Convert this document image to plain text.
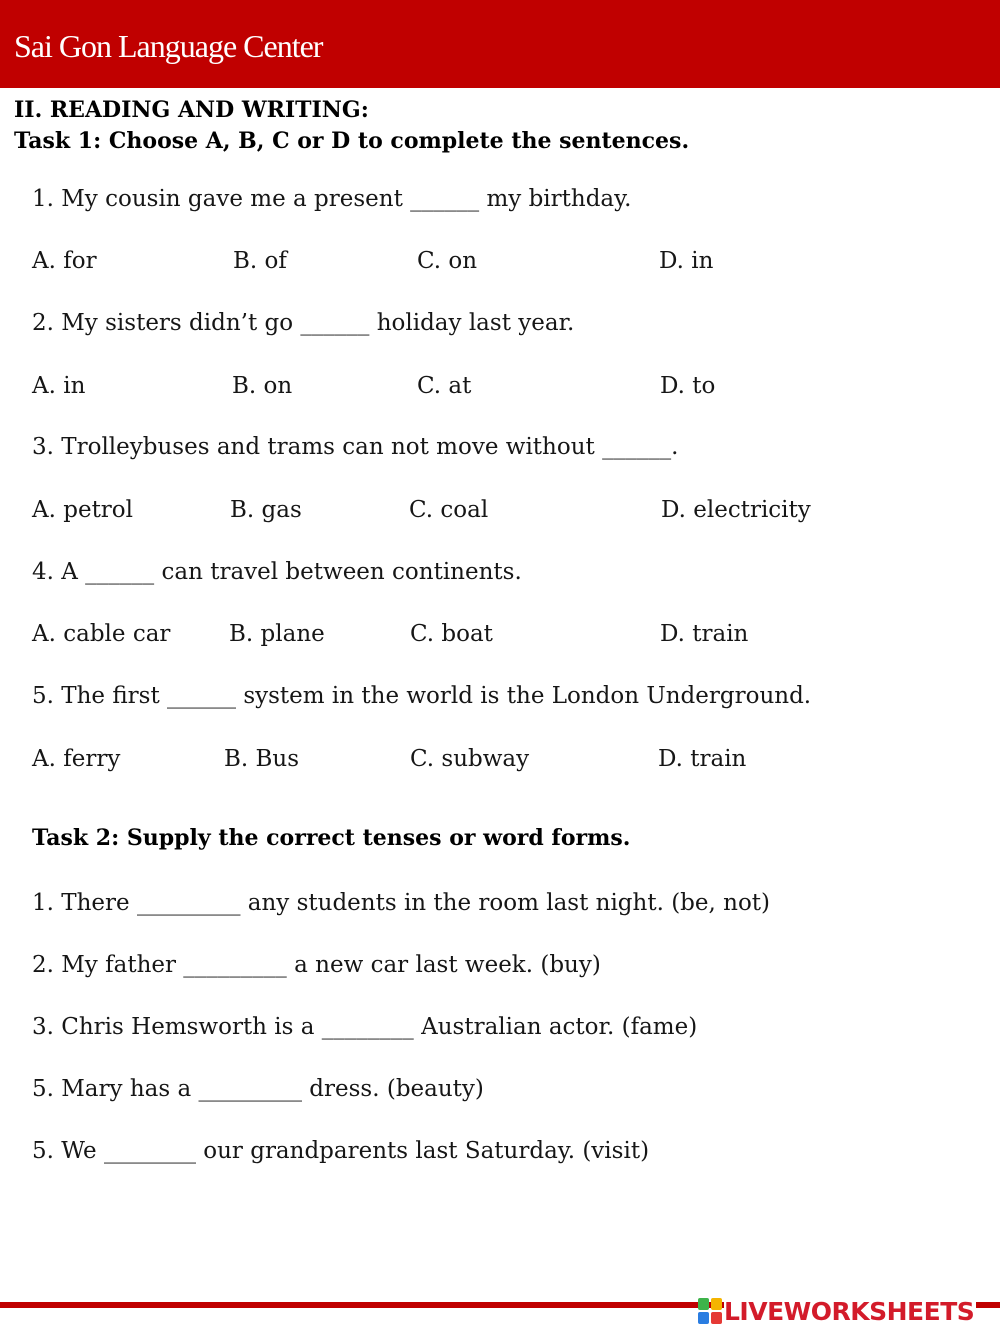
Sai Gon Language Center
II. READING AND WRITING:
Task 1: Choose A, B, C or D to complete the sentences.
1. My cousin gave me a present ______ my birthday.
A. for	B. of	C. on	D. in
2. My sisters didn’t go ______ holiday last year.
A. in	B. on	C. at	D. to
3. Trolleybuses and trams can not move without ______.
A. petrol	B. gas	C. coal	D. electricity
4. A ______ can travel between continents.
A. cable car	B. plane	C. boat	D. train
5. The first ______ system in the world is the London Underground.
A. ferry	B. Bus	C. subway	D. train
Task 2: Supply the correct tenses or word forms.
1. There _________ any students in the room last night. (be, not)
2. My father _________ a new car last week. (buy)
3. Chris Hemsworth is a ________ Australian actor. (fame)
5. Mary has a _________ dress. (beauty)
5. We ________ our grandparents last Saturday. (visit)
LIVEWORKSHEETS
